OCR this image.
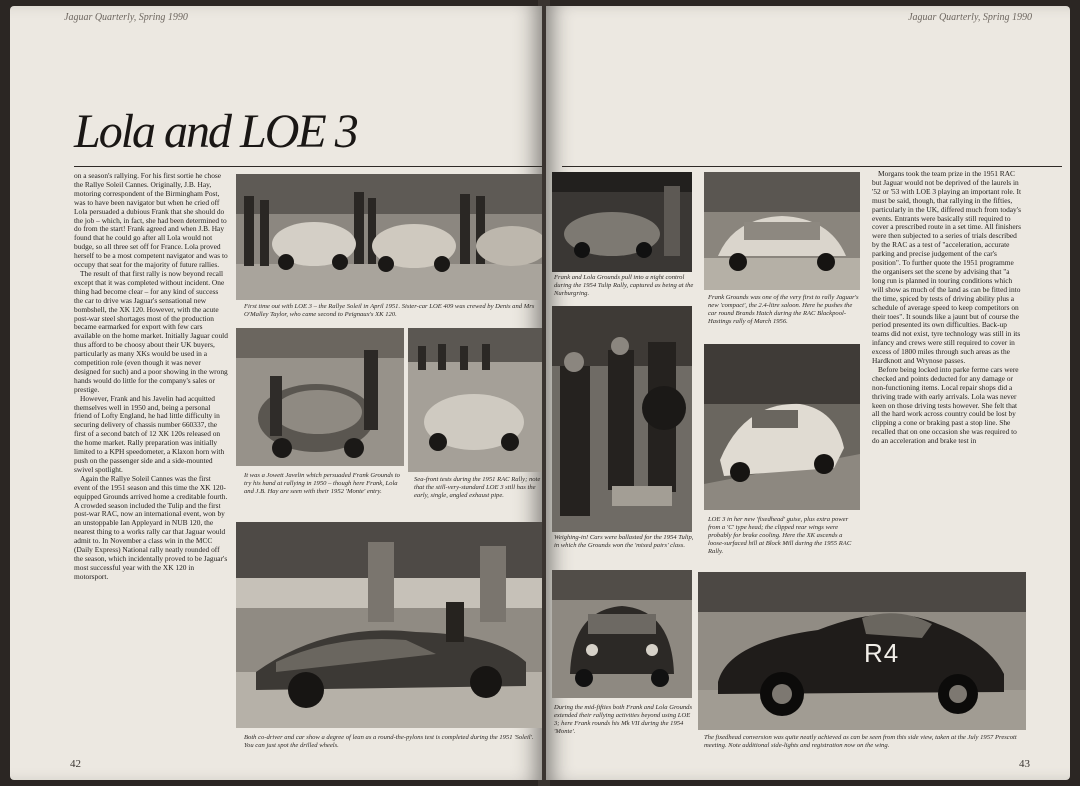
Jaguar Quarterly, Spring 1990
Lola and LOE 3

on a season's rallying. For his first sortie he chose the Rallye Soleil Cannes. Originally, J.B. Hay, motoring correspondent of the Birmingham Post, was to have been navigator but when he cried off Lola persuaded a dubious Frank that she should do the job – which, in fact, she had been determined to do from the start! Frank agreed and when J.B. Hay found that he could go after all Lola would not budge, so all three set off for France. Lola proved herself to be a most competent navigator and was to occupy that seat for the majority of future rallies.

The result of that first rally is now beyond recall except that it was completed without incident. One thing had become clear – for any kind of success the car to drive was Jaguar's sensational new bombshell, the XK 120. However, with the acute post-war steel shortages most of the production became earmarked for export with few cars available on the home market. Initially Jaguar could thus afford to be choosy about their UK buyers, particularly as many XKs would be used in a competition role (even though it was never designed for such) and a poor showing in the wrong hands would do little for the company's sales or prestige.

However, Frank and his Javelin had acquitted themselves well in 1950 and, being a personal friend of Lofty England, he had little difficulty in securing delivery of chassis number 660337, the first of a second batch of 12 XK 120s released on the home market. Rally preparation was initially limited to a KPH speedometer, a Klaxon horn with push on the passenger side and a side-mounted swivel spotlight.

Again the Rallye Soleil Cannes was the first event of the 1951 season and this time the XK 120-equipped Grounds arrived home a creditable fourth. A crowded season included the Tulip and the first post-war RAC, now an international event, won by an unstoppable Ian Appleyard in NUB 120, the nearest thing to a works rally car that Jaguar would admit to. In November a class win in the MCC (Daily Express) National rally neatly rounded off the season, which incidentally proved to be Jaguar's most successful year with the XK 120 in motorsport.

First time out with LOE 3 – the Rallye Soleil in April 1951. Sister-car LOE 409 was crewed by Denis and Mrs O'Malley Taylor, who came second to Peignaux's XK 120.
It was a Jowett Javelin which persuaded Frank Grounds to try his hand at rallying in 1950 – though here Frank, Lola and J.B. Hay are seen with their 1952 'Monte' entry.
Sea-front tests during the 1951 RAC Rally; note that the still-very-standard LOE 3 still has the early, single, angled exhaust pipe.
Both co-driver and car show a degree of lean as a round-the-pylons test is completed during the 1951 'Soleil'. You can just spot the drilled wheels.
42
Jaguar Quarterly, Spring 1990
Frank and Lola Grounds pull into a night control during the 1954 Tulip Rally, captured as being at the Nurburgring.
Frank Grounds was one of the very first to rally Jaguar's new 'compact', the 2.4-litre saloon. Here he pushes the car round Brands Hatch during the RAC Blackpool-Hastings rally of March 1956.
Weighing-in! Cars were ballasted for the 1954 Tulip, in which the Grounds won the 'mixed pairs' class.
LOE 3 in her new 'fixedhead' guise, plus extra power from a 'C' type head; the clipped rear wings were probably for brake cooling. Here the XK ascends a loose-surfaced hill at Block Mill during the 1955 RAC Rally.
During the mid-fifties both Frank and Lola Grounds extended their rallying activities beyond using LOE 3; here Frank rounds his Mk VII during the 1954 'Monte'.
R4
The fixedhead conversion was quite neatly achieved as can be seen from this side view, taken at the July 1957 Prescott meeting. Note additional side-lights and registration now on the wing.

Morgans took the team prize in the 1951 RAC but Jaguar would not be deprived of the laurels in '52 or '53 with LOE 3 playing an important role. It must be said, though, that rallying in the fifties, particularly in the UK, differed much from today's events. Entrants were basically still required to cover a prescribed route in a set time. All finishers were then subjected to a series of trials described by the RAC as a test of "acceleration, accurate parking and precise judgement of the car's position". To further quote the 1951 programme the organisers set the scene by advising that "a long run is planned in touring conditions which will show as much of the land as can be fitted into the time, spiced by tests of driving ability plus a schedule of average speed to keep competitors on their toes". It sounds like a jaunt but of course the period presented its own difficulties. Back-up teams did not exist, tyre technology was still in its infancy and crews were still required to cover in excess of 1800 miles through such areas as the Hardknott and Wrynose passes.

Before being locked into parke ferme cars were checked and points deducted for any damage or non-functioning items. Local repair shops did a thriving trade with early arrivals. Lola was never keen on those driving tests however. She felt that all the hard work across country could be lost by clipping a cone or braking past a stop line. She recalled that on one occasion she was required to do an acceleration and brake test in

43
